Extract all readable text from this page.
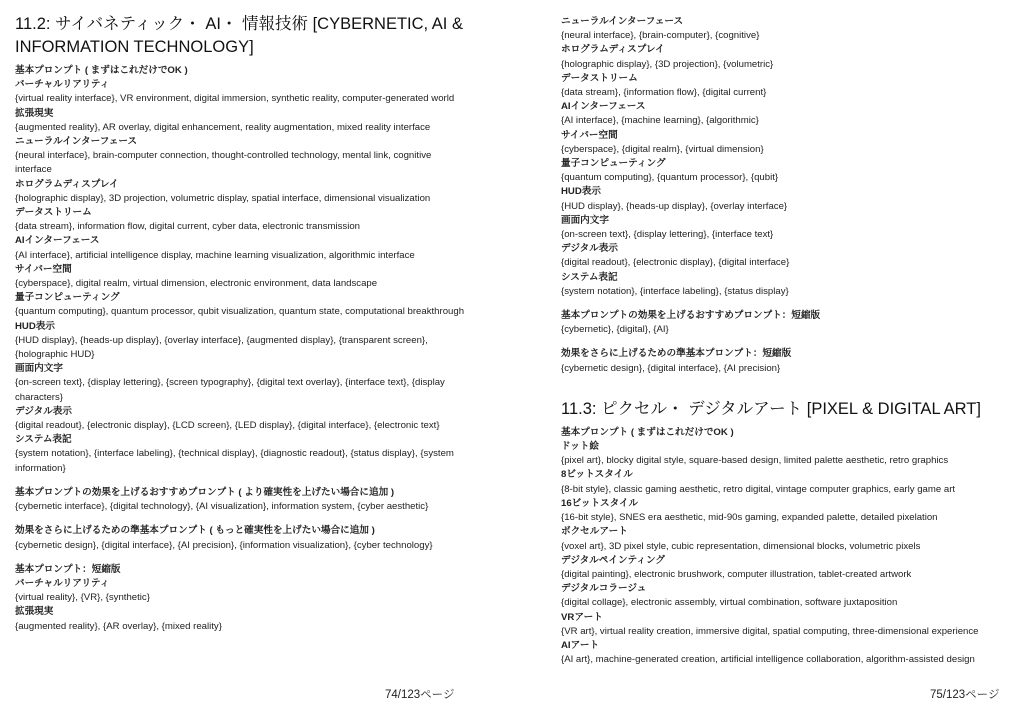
11.2: サイバネティック・ AI・ 情報技術 [CYBERNETIC, AI & INFORMATION TECHNOLOGY]
基本プロンプト ( まずはこれだけでOK )
バーチャルリアリティ
{virtual reality interface}, VR environment, digital immersion, synthetic reality, computer-generated world
拡張現実
{augmented reality}, AR overlay, digital enhancement, reality augmentation, mixed reality interface
ニューラルインターフェース
{neural interface}, brain-computer connection, thought-controlled technology, mental link, cognitive interface
ホログラムディスプレイ
{holographic display}, 3D projection, volumetric display, spatial interface, dimensional visualization
データストリーム
{data stream}, information flow, digital current, cyber data, electronic transmission
AIインターフェース
{AI interface}, artificial intelligence display, machine learning visualization, algorithmic interface
サイバー空間
{cyberspace}, digital realm, virtual dimension, electronic environment, data landscape
量子コンピューティング
{quantum computing}, quantum processor, qubit visualization, quantum state, computational breakthrough
HUD表示
{HUD display}, {heads-up display}, {overlay interface}, {augmented display}, {transparent screen}, {holographic HUD}
画面内文字
{on-screen text}, {display lettering}, {screen typography}, {digital text overlay}, {interface text}, {display characters}
デジタル表示
{digital readout}, {electronic display}, {LCD screen}, {LED display}, {digital interface}, {electronic text}
システム表記
{system notation}, {interface labeling}, {technical display}, {diagnostic readout}, {status display}, {system information}
基本プロンプトの効果を上げるおすすめプロンプト ( より確実性を上げたい場合に追加 )
{cybernetic interface}, {digital technology}, {AI visualization}, information system, {cyber aesthetic}
効果をさらに上げるための準基本プロンプト ( もっと確実性を上げたい場合に追加 )
{cybernetic design}, {digital interface}, {AI precision}, {information visualization}, {cyber technology}
基本プロンプト：短縮版
バーチャルリアリティ
{virtual reality}, {VR}, {synthetic}
拡張現実
{augmented reality}, {AR overlay}, {mixed reality}
74/123ページ
ニューラルインターフェース
{neural interface}, {brain-computer}, {cognitive}
ホログラムディスプレイ
{holographic display}, {3D projection}, {volumetric}
データストリーム
{data stream}, {information flow}, {digital current}
AIインターフェース
{AI interface}, {machine learning}, {algorithmic}
サイバー空間
{cyberspace}, {digital realm}, {virtual dimension}
量子コンピューティング
{quantum computing}, {quantum processor}, {qubit}
HUD表示
{HUD display}, {heads-up display}, {overlay interface}
画面内文字
{on-screen text}, {display lettering}, {interface text}
デジタル表示
{digital readout}, {electronic display}, {digital interface}
システム表記
{system notation}, {interface labeling}, {status display}
基本プロンプトの効果を上げるおすすめプロンプト：短縮版
{cybernetic}, {digital}, {AI}
効果をさらに上げるための準基本プロンプト：短縮版
{cybernetic design}, {digital interface}, {AI precision}
11.3: ピクセル・ デジタルアート [PIXEL & DIGITAL ART]
基本プロンプト ( まずはこれだけでOK )
ドット絵
{pixel art}, blocky digital style, square-based design, limited palette aesthetic, retro graphics
8ビットスタイル
{8-bit style}, classic gaming aesthetic, retro digital, vintage computer graphics, early game art
16ビットスタイル
{16-bit style}, SNES era aesthetic, mid-90s gaming, expanded palette, detailed pixelation
ボクセルアート
{voxel art}, 3D pixel style, cubic representation, dimensional blocks, volumetric pixels
デジタルペインティング
{digital painting}, electronic brushwork, computer illustration, tablet-created artwork
デジタルコラージュ
{digital collage}, electronic assembly, virtual combination, software juxtaposition
VRアート
{VR art}, virtual reality creation, immersive digital, spatial computing, three-dimensional experience
AIアート
{AI art}, machine-generated creation, artificial intelligence collaboration, algorithm-assisted design
75/123ページ
